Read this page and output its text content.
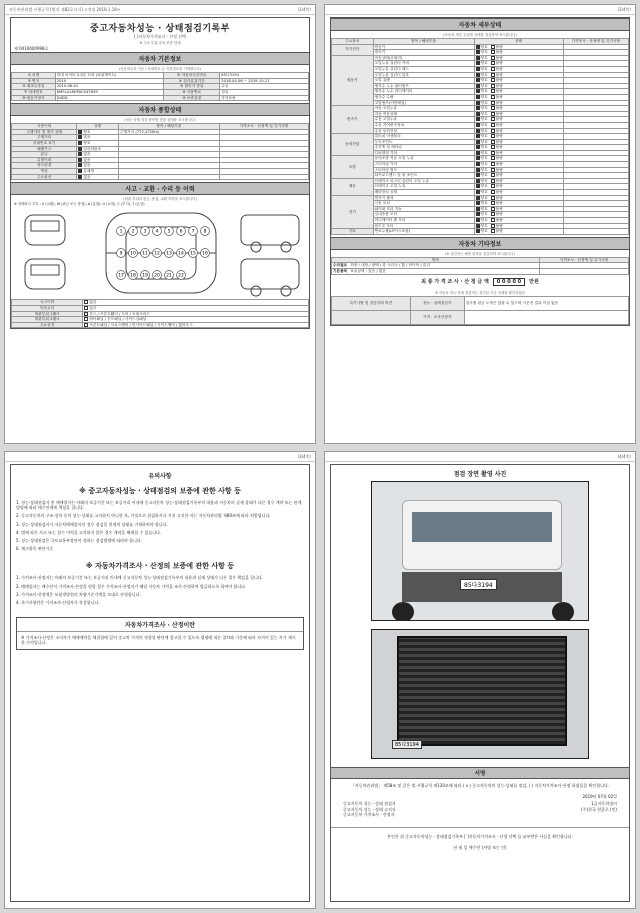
자동차관리법 시행규칙 [별지 제82호서식] <개정 2018.1.18>	(1/4쪽)
중고자동차성능 · 상태점검기록부
[ ]자동차가격조사 · 산정 선택
※ 주요 부위 수리 보증 안내
제 0410000998호
자동차 기본정보
(자동차등록 기준 / 차대번호 등 기본정보를 기재합니다)
① 차명	현대 마이티 2.5톤 트럭 (파워게이트)	② 자동차등록번호	85다3194
③ 연식	2010	④ 검사유효기간	2018-04-06 ~ 2019-10-27
⑤ 최초등록일	2010-06-01	⑥ 변속기 종류	수동
⑦ 차대번호	KMFLA18HPAC047639	⑧ 사용연료	경유
⑨ 원동기형식	D4DD	⑩ 보증유형	자가보증
자동차 종합상태
(성능·상태 점검 항목별 종합 상태를 표시합니다)
사용이력	상태	항목 / 해당부품	가격조사 · 산정액 및 특기사항
주행거리 및 계기 상태	양호	주행거리 (772,472Km)	
주행거리	많음		
차대번호 표기	양호		
배출가스	일산화탄소		
튜닝	없음		
특별이력	없음		
용도변경	없음		
색상	무채색		
주요옵션	없음		
사고 · 교환 · 수리 등 이력
(외판 부위의 판금, 용접, 교환 이력을 표시합니다)
※ 상태표시 부호 : X (교환), W (판금 또는 용접), A (흠집), U (요철), C (부식), T (손상)
1 2 3 4 5 6 7 8
9 10 11 12 13 14 15 16
17 18 19 20 21 22
사고이력	없음
단순수리	없음
외판부위 1랭크	후드 / 프론트휀더 / 도어 / 트렁크리드
외판부위 2랭크	쿼터패널 / 루프패널 / 사이드실패널
주요골격	프론트패널 / 크로스멤버 / 인사이드패널 / 사이드멤버 / 휠하우스
(2/4쪽)
자동차 세부상태
(자동차 세부 부위별 상태를 점검하여 표시합니다)
주요장치	항목 / 해당부품	상태	가격조사 · 산정액 및 특기사항
자기진단	원동기	양호 불량	
	변속기	양호 불량	
원동기	작동상태(공회전)	양호 불량	
	오일누유 실린더 커버	양호 불량	
	오일누유 실린더 헤드	양호 불량	
	오일누유 실린더 블록	양호 불량	
	오일 유량	양호 불량	
	냉각수 누수 워터펌프	양호 불량	
	냉각수 누수 라디에이터	양호 불량	
	냉각수 수량	양호 불량	
	고압펌프(커먼레일)	양호 불량	
변속기	자동 오일누유	양호 불량	
	자동 작동상태	양호 불량	
	수동 오일누유	양호 불량	
	수동 기어변속장치	양호 불량	
	수동 동력전달	양호 불량	
동력전달	클러치 어셈블리	양호 불량	
	등속조인트	양호 불량	
	추진축 및 베어링	양호 불량	
	디퍼렌셜 기어	양호 불량	
조향	동력조향 작동 오일 누유	양호 불량	
	스티어링 기어	양호 불량	
	스티어링 펌프	양호 불량	
	타이로드엔드 및 볼 조인트	양호 불량	
제동	브레이크 마스터 실린더 오일 누유	양호 불량	
	브레이크 오일 누유	양호 불량	
	배력장치 상태	양호 불량	
전기	발전기 출력	양호 불량	
	시동 모터	양호 불량	
	와이퍼 모터 기능	양호 불량	
	실내송풍 모터	양호 불량	
	라디에이터 팬 모터	양호 불량	
	윈도우 모터	양호 불량	
기타	연료누출(LP가스포함)	양호 불량	
자동차 기타정보
(※ 점검자는 해당 항목을 점검하여 표시합니다)
항목	가격조사 · 산정액 및 특기사항
수리필요 외장 / 내장 / 광택 / 룸 크리닝 / 휠 / 타이어 / 유리	
기본품목 보유상태 : 있음 / 없음	
최 종 가 격 조 사 · 산 정 금 액	0 0 0 0 0	만원
※ 자동차 성능·상태 점검자는 점검일 기준 상태를 확인하였음
특기사항 및 점검자의 의견	성능 · 상태점검자	검사원 판금 도색은 있을 수 있으며 시운전 결과 이상 없음
	가격 · 조사산정자	
(3/4쪽)
유의사항
※ 중고자동차성능 · 상태점검의 보증에 관한 사항 등
1. 성능·상태점검자 및 매매업자는 아래의 보증기간 또는 보증거리 이내에 중고자동차 성능·상태점검기록부의 내용과 자동차의 실제 상태가 다른 경우 계약 또는 관계법령에 따라 매수인에게 책임을 집니다.
2. 중고자동차의 구조·장치 등의 성능·상태를 고지하지 아니한 자, 거짓으로 점검하거나 거짓 고지한 자는 자동차관리법 제80조에 따라 처벌됩니다.
3. 성능·상태점검자가 자동차매매업자인 경우 점검일 현재의 상태를 기재하여야 합니다.
4. 법에 따른 사고 또는 침수 이력을 고지하지 않은 경우 계약을 해제할 수 있습니다.
5. 성능·상태점검은 국토교통부장관이 정하는 점검방법에 따라야 합니다.
6. 체크항목 판단기준
※ 자동차가격조사 · 산정의 보증에 관한 사항 등
1. 가격조사·산정자는 아래의 보증기간 또는 보증거리 이내에 중고자동차 성능·상태점검기록부의 내용과 실제 상태가 다른 경우 책임을 집니다.
2. 매매업자는 매수인이 가격조사·산정을 원할 경우 가격조사·산정자가 해당 자동차 가격을 조사·산정하여 발급하도록 하여야 합니다.
3. 가격조사·산정액은 보험개발원의 차량기준가액을 토대로 산정합니다.
4. 특기사항란은 가격조사·산정자가 작성합니다.
자동차가격조사 · 산정이란
※ 가격조사·산정은 소비자가 매매계약을 체결함에 있어 중고차 가격의 적정성 판단에 참고할 수 있도록 법령에 따른 절차와 기준에 따라 자격이 있는 자가 제시한 가격입니다.
(4/4쪽)
점검 장면 촬영 사진
85다3194
85다3194
서명
「자동차관리법」 제58조 및 같은 법 시행규칙 제120조에 따라 ( v ) 중고자동차의 성능·상태를 점검, ( ) 자동차가격조사·산정 하였음을 확인합니다.
2019년 07월 02일
중고자동차 성능 · 상태 점검자	1급자동차정비
중고자동차 성능 · 상태 고지자	(주)한국 원클로 (인)
중고자동차 가격조사 · 산정자
본인은 위 중고자동차성능 · 상태점검기록부 [ ]자동차가격조사 · 산정 선택 를 교부받은 사실을 확인합니다.
년 월 일 매수인 (서명 또는 인)
